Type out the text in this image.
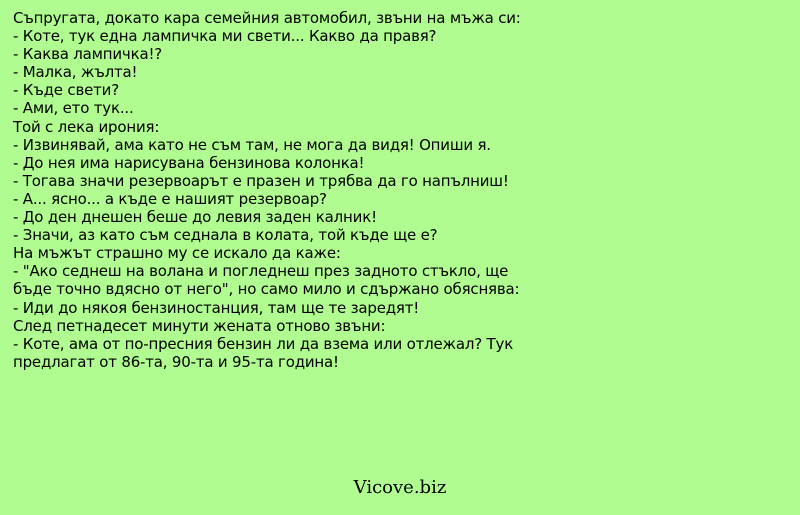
Съпругата, докато кара семейния автомобил, звъни на мъжа си:
- Коте, тук една лампичка ми свети... Какво да правя?
- Каква лампичка!?
- Малка, жълта!
- Къде свети?
- Ами, ето тук...
Той с лека ирония:
- Извинявай, ама като не съм там, не мога да видя! Опиши я.
- До нея има нарисувана бензинова колонка!
- Тогава значи резервоарът е празен и трябва да го напълниш!
- А... ясно... а къде е нашият резервоар?
- До ден днешен беше до левия заден калник!
- Значи, аз като съм седнала в колата, той къде ще е?
На мъжът страшно му се искало да каже:
- "Ако седнеш на волана и погледнеш през задното стъкло, ще
бъде точно вдясно от него", но само мило и сдържано обяснява:
- Иди до някоя бензиностанция, там ще те заредят!
След петнадесет минути жената отново звъни:
- Коте, ама от по-пресния бензин ли да взема или отлежал? Тук
предлагат от 86-та, 90-та и 95-та година!
Vicove.biz
